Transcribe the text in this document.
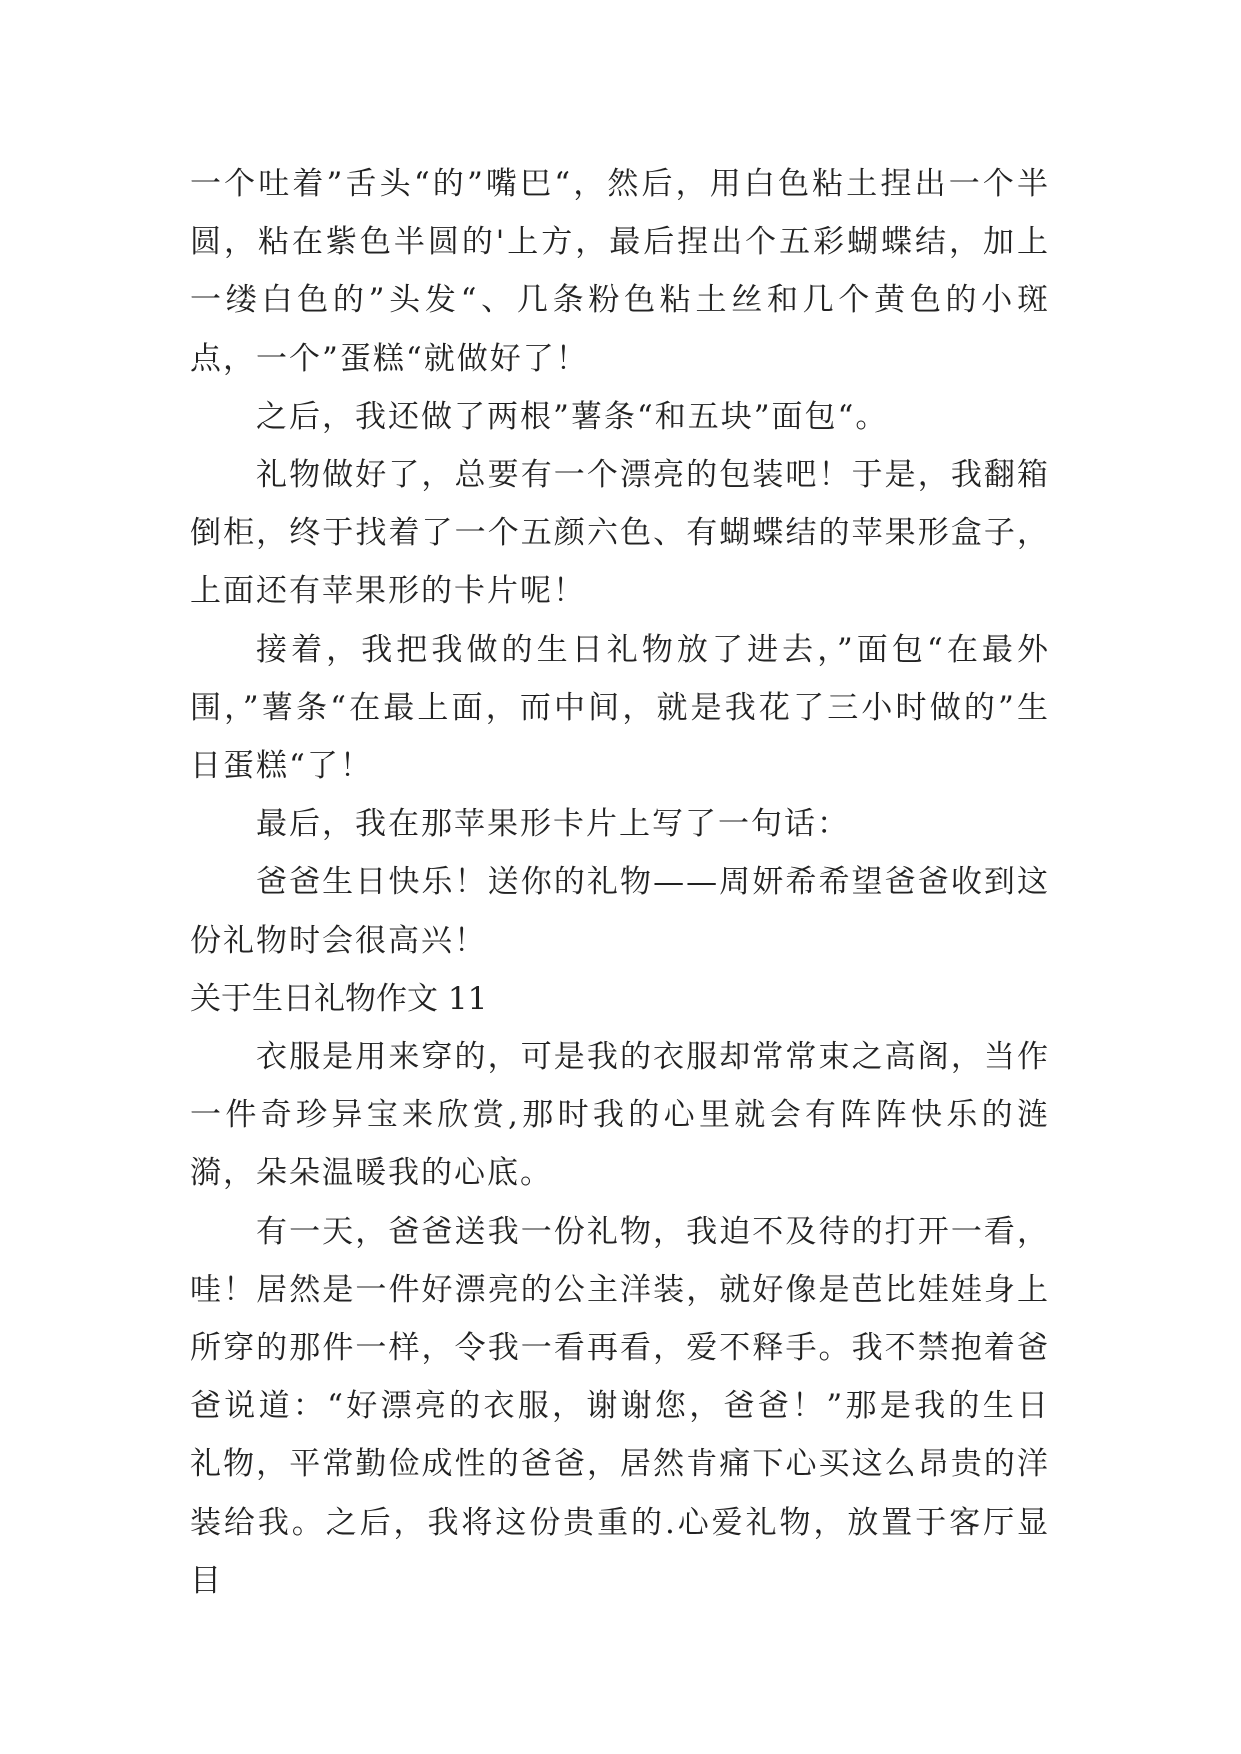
一个吐着”舌头“的”嘴巴“，然后，用白色粘土捏出一个半圆，粘在紫色半圆的'上方，最后捏出个五彩蝴蝶结，加上一缕白色的”头发“、几条粉色粘土丝和几个黄色的小斑点，一个”蛋糕“就做好了！

之后，我还做了两根”薯条“和五块”面包“。

礼物做好了，总要有一个漂亮的包装吧！于是，我翻箱倒柜，终于找着了一个五颜六色、有蝴蝶结的苹果形盒子，上面还有苹果形的卡片呢！

接着，我把我做的生日礼物放了进去，”面包“在最外围，”薯条“在最上面，而中间，就是我花了三小时做的”生日蛋糕“了！

最后，我在那苹果形卡片上写了一句话：

爸爸生日快乐！送你的礼物——周妍希希望爸爸收到这份礼物时会很高兴！

关于生日礼物作文 11

衣服是用来穿的，可是我的衣服却常常束之高阁，当作一件奇珍异宝来欣赏,那时我的心里就会有阵阵快乐的涟漪，朵朵温暖我的心底。

有一天，爸爸送我一份礼物，我迫不及待的打开一看，哇！居然是一件好漂亮的公主洋装，就好像是芭比娃娃身上所穿的那件一样，令我一看再看，爱不释手。我不禁抱着爸爸说道：“好漂亮的衣服，谢谢您，爸爸！”那是我的生日礼物，平常勤俭成性的爸爸，居然肯痛下心买这么昂贵的洋装给我。之后，我将这份贵重的.心爱礼物，放置于客厅显目
